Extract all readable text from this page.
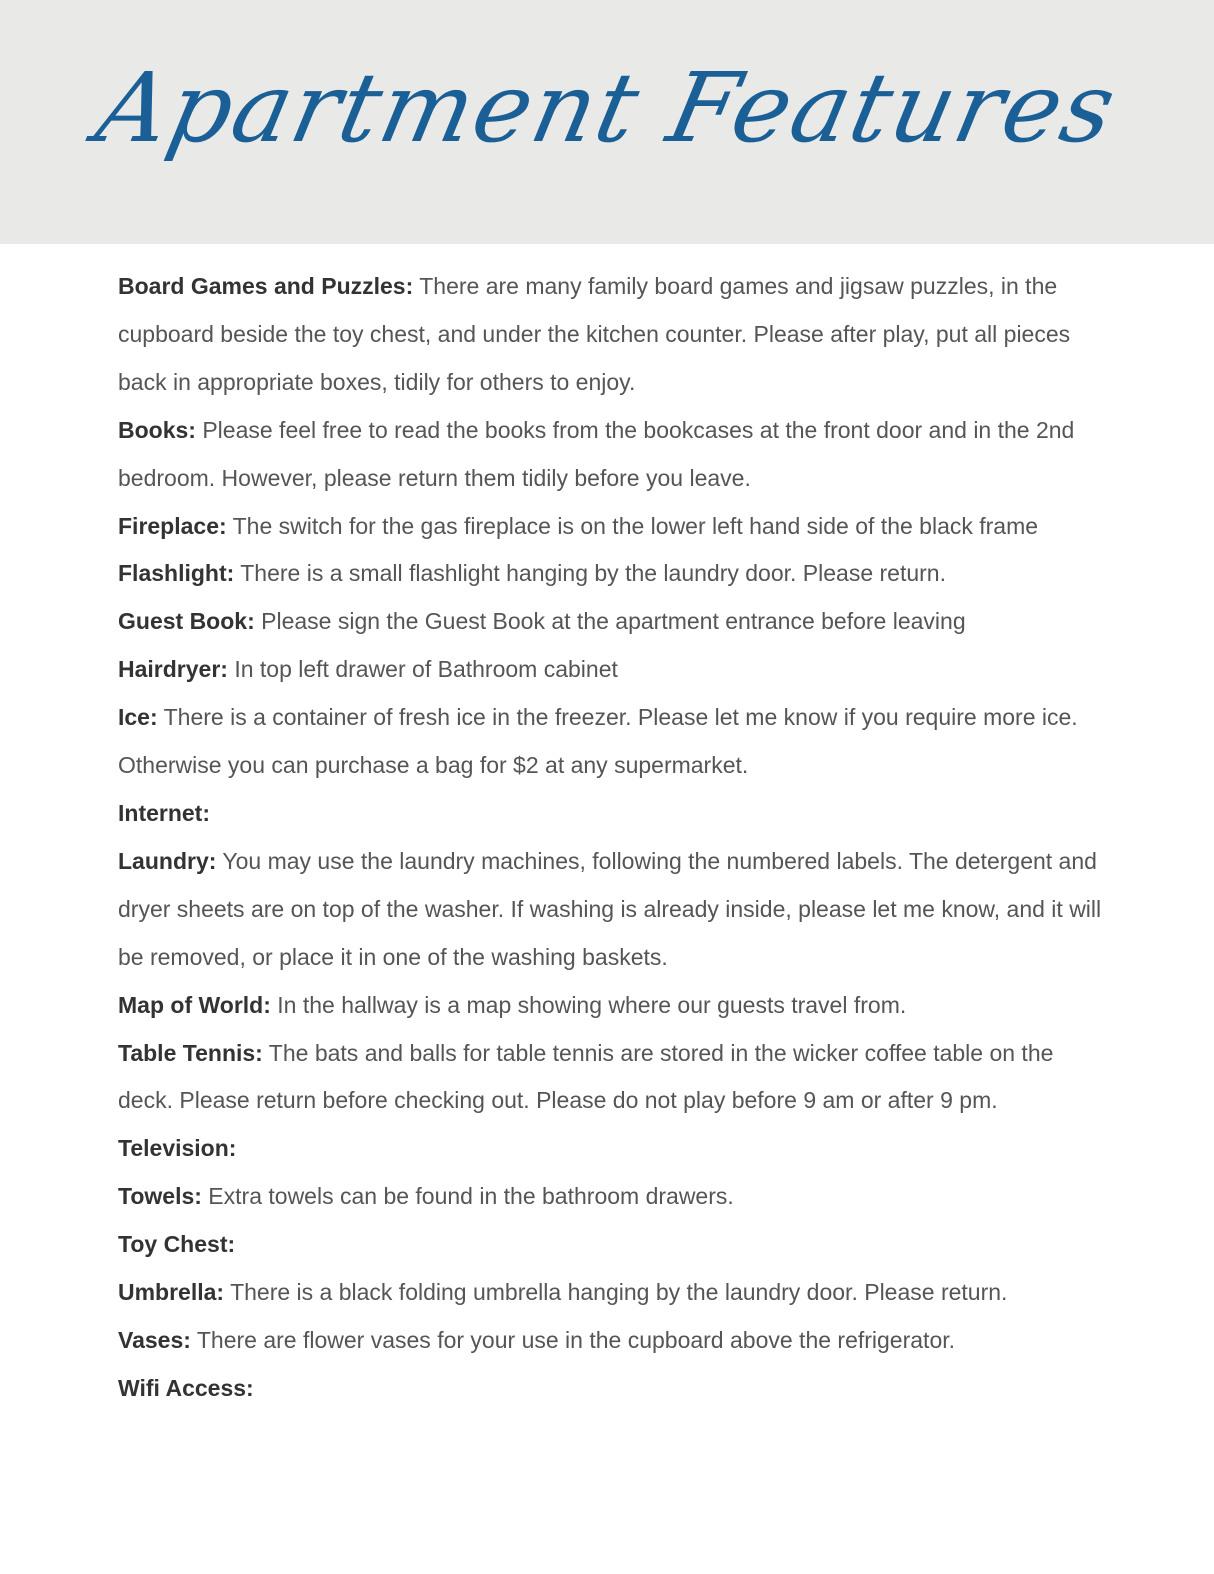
Apartment Features
Board Games and Puzzles: There are many family board games and jigsaw puzzles, in the cupboard beside the toy chest, and under the kitchen counter. Please after play, put all pieces back in appropriate boxes, tidily for others to enjoy.
Books: Please feel free to read the books from the bookcases at the front door and in the 2nd bedroom. However, please return them tidily before you leave.
Fireplace: The switch for the gas fireplace is on the lower left hand side of the black frame
Flashlight: There is a small flashlight hanging by the laundry door. Please return.
Guest Book: Please sign the Guest Book at the apartment entrance before leaving
Hairdryer: In top left drawer of Bathroom cabinet
Ice: There is a container of fresh ice in the freezer. Please let me know if you require more ice. Otherwise you can purchase a bag for $2 at any supermarket.
Internet:
Laundry: You may use the laundry machines, following the numbered labels. The detergent and dryer sheets are on top of the washer. If washing is already inside, please let me know, and it will be removed, or place it in one of the washing baskets.
Map of World: In the hallway is a map showing where our guests travel from.
Table Tennis: The bats and balls for table tennis are stored in the wicker coffee table on the deck. Please return before checking out. Please do not play before 9 am or after 9 pm.
Television:
Towels: Extra towels can be found in the bathroom drawers.
Toy Chest:
Umbrella: There is a black folding umbrella hanging by the laundry door. Please return.
Vases: There are flower vases for your use in the cupboard above the refrigerator.
Wifi Access:
